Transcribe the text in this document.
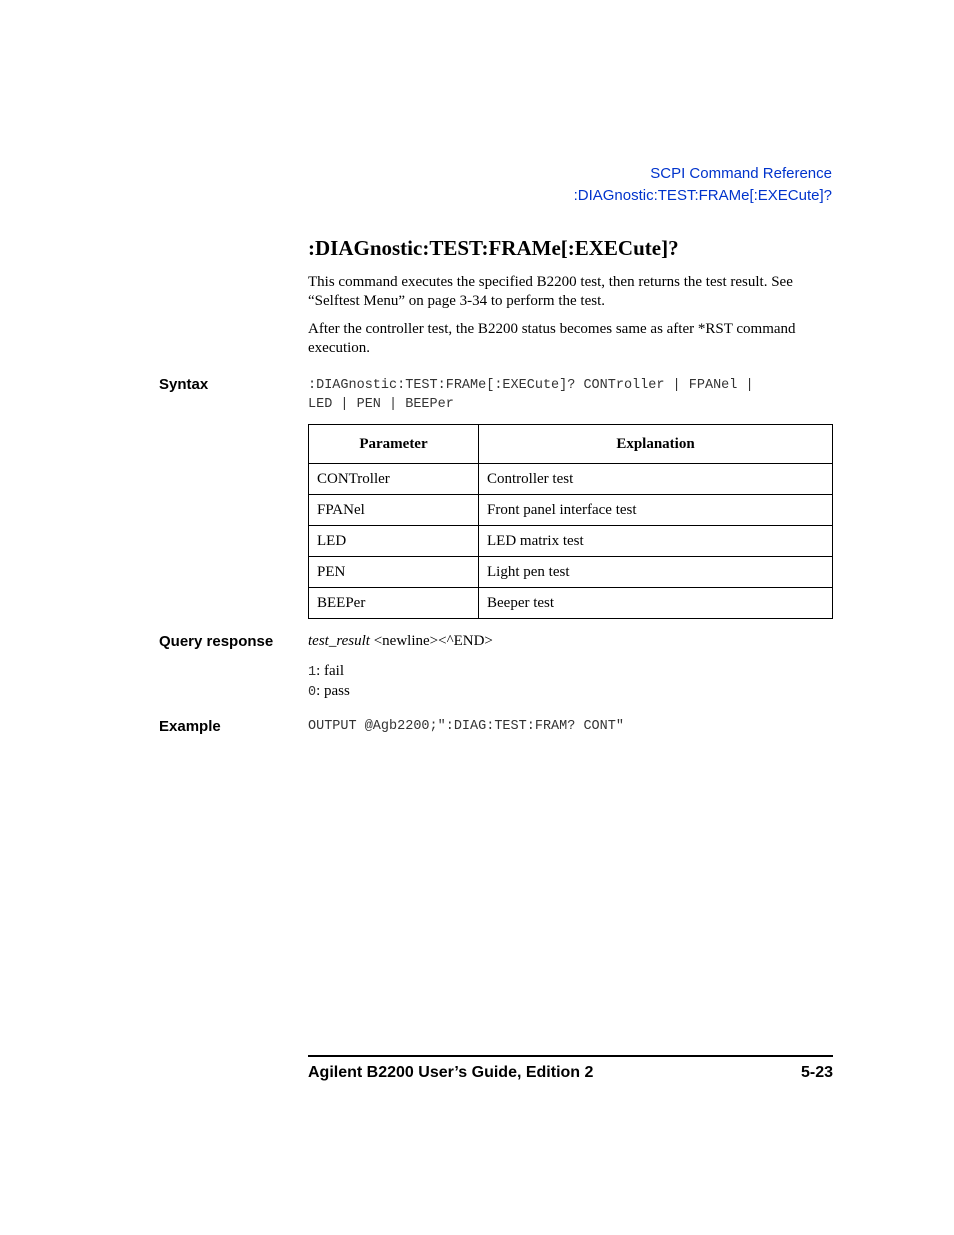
SCPI Command Reference
:DIAGnostic:TEST:FRAMe[:EXECute]?
:DIAGnostic:TEST:FRAMe[:EXECute]?

This command executes the specified B2200 test, then returns the test result. See “Selftest Menu” on page 3-34 to perform the test.

After the controller test, the B2200 status becomes same as after *RST command execution.

Syntax	:DIAGnostic:TEST:FRAMe[:EXECute]? CONTroller | FPANel |
LED | PEN | BEEPer
Parameter	Explanation
CONTroller	Controller test
FPANel	Front panel interface test
LED	LED matrix test
PEN	Light pen test
BEEPer	Beeper test
Query response test_result <newline><^END>

1: fail
0: pass
Example	OUTPUT @Agb2200;":DIAG:TEST:FRAM? CONT"
Agilent B2200 User’s Guide, Edition 2	5-23
